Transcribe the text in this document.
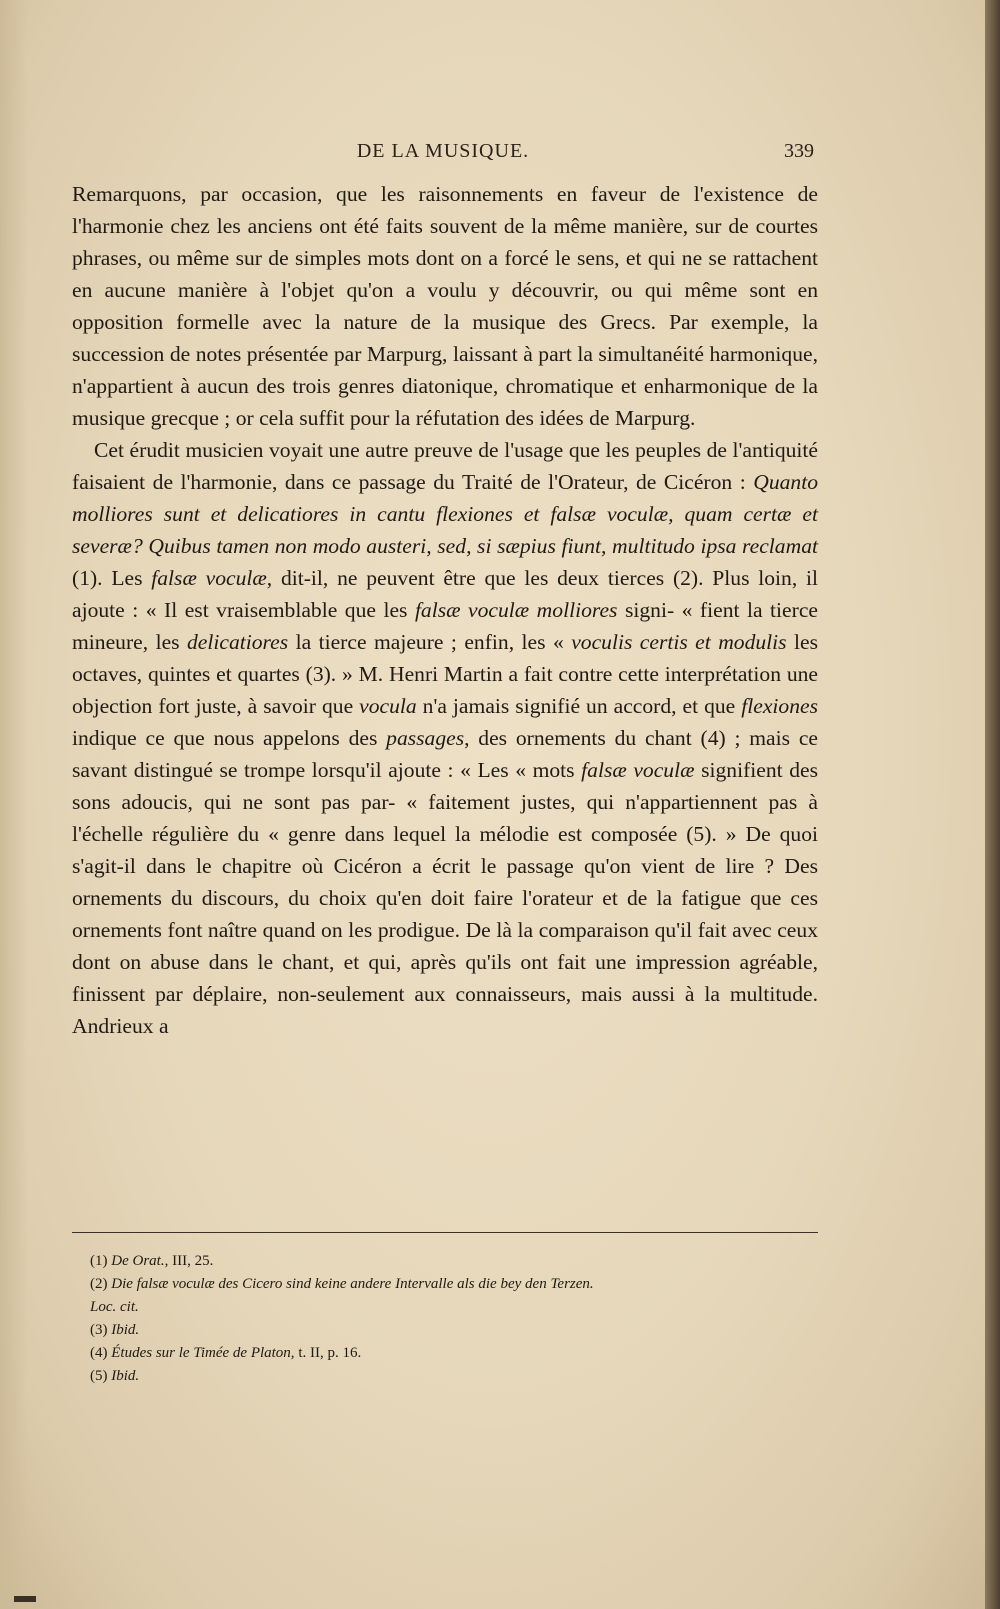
DE LA MUSIQUE.	339

Remarquons, par occasion, que les raisonnements en faveur de l'existence de l'harmonie chez les anciens ont été faits souvent de la même manière, sur de courtes phrases, ou même sur de simples mots dont on a forcé le sens, et qui ne se rattachent en aucune manière à l'objet qu'on a voulu y découvrir, ou qui même sont en opposition formelle avec la nature de la musique des Grecs. Par exemple, la succession de notes présentée par Marpurg, laissant à part la simultanéité harmonique, n'appartient à aucun des trois genres diatonique, chromatique et enharmonique de la musique grecque ; or cela suffit pour la réfutation des idées de Marpurg.

Cet érudit musicien voyait une autre preuve de l'usage que les peuples de l'antiquité faisaient de l'harmonie, dans ce passage du Traité de l'Orateur, de Cicéron : Quanto molliores sunt et delicatiores in cantu flexiones et falsæ voculæ, quam certæ et severæ? Quibus tamen non modo austeri, sed, si sæpius fiunt, multitudo ipsa reclamat (1). Les falsæ voculæ, dit-il, ne peuvent être que les deux tierces (2). Plus loin, il ajoute : « Il est vraisemblable que les falsæ voculæ molliores signi- « fient la tierce mineure, les delicatiores la tierce majeure ; enfin, les « voculis certis et modulis les octaves, quintes et quartes (3). » M. Henri Martin a fait contre cette interprétation une objection fort juste, à savoir que vocula n'a jamais signifié un accord, et que flexiones indique ce que nous appelons des passages, des ornements du chant (4) ; mais ce savant distingué se trompe lorsqu'il ajoute : « Les « mots falsæ voculæ signifient des sons adoucis, qui ne sont pas par- « faitement justes, qui n'appartiennent pas à l'échelle régulière du « genre dans lequel la mélodie est composée (5). » De quoi s'agit-il dans le chapitre où Cicéron a écrit le passage qu'on vient de lire ? Des ornements du discours, du choix qu'en doit faire l'orateur et de la fatigue que ces ornements font naître quand on les prodigue. De là la comparaison qu'il fait avec ceux dont on abuse dans le chant, et qui, après qu'ils ont fait une impression agréable, finissent par déplaire, non-seulement aux connaisseurs, mais aussi à la multitude. Andrieux a

(1) De Orat., III, 25.

(2) Die falsæ voculæ des Cicero sind keine andere Intervalle als die bey den Terzen.

Loc. cit.

(3) Ibid.

(4) Études sur le Timée de Platon, t. II, p. 16.

(5) Ibid.
